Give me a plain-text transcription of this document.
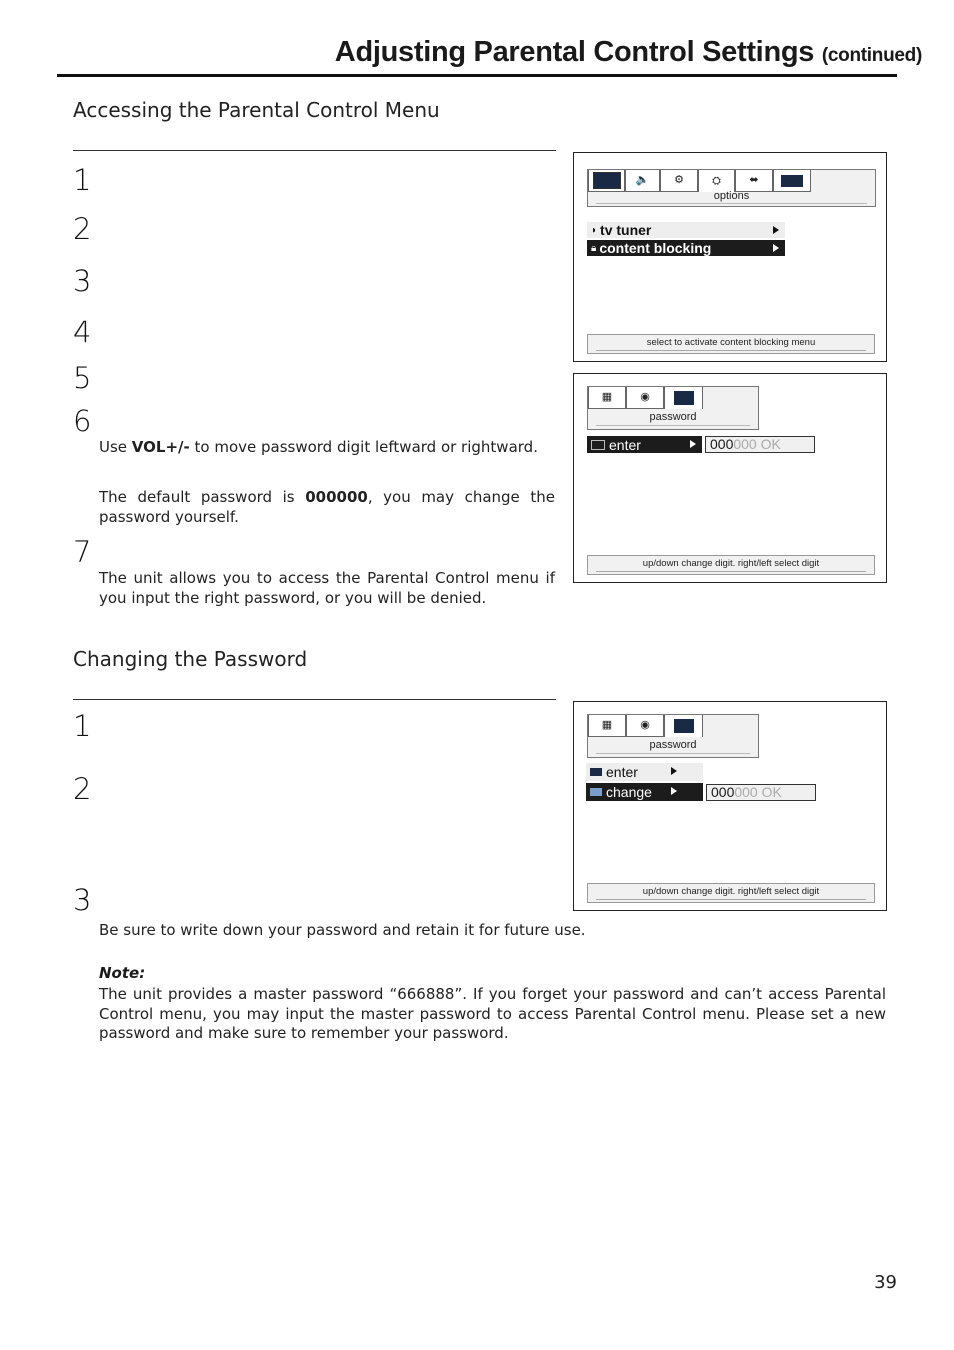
Adjusting Parental Control Settings (continued)
Accessing the Parental Control Menu
1
2
3
4
5
6
Use VOL+/- to move password digit leftward or rightward.
The default password is 000000, you may change the password yourself.
7
The unit allows you to access the Parental Control menu if you input the right password, or you will be denied.
🔈 ⚙	⛭	⬌
options
◗ tv tuner
🔒︎ content blocking
select to activate content blocking menu
▦	◉
password
enter	000000 OK
up/down change digit. right/left select digit
Changing the Password
1
2
3
Be sure to write down your password and retain it for future use.
Note:
The unit provides a master password “666888”. If you forget your password and can’t access Parental Control menu, you may input the master password to access Parental Control menu. Please set a new password and make sure to remember your password.
▦	◉
password
enter
change	000000 OK
up/down change digit. right/left select digit
39
